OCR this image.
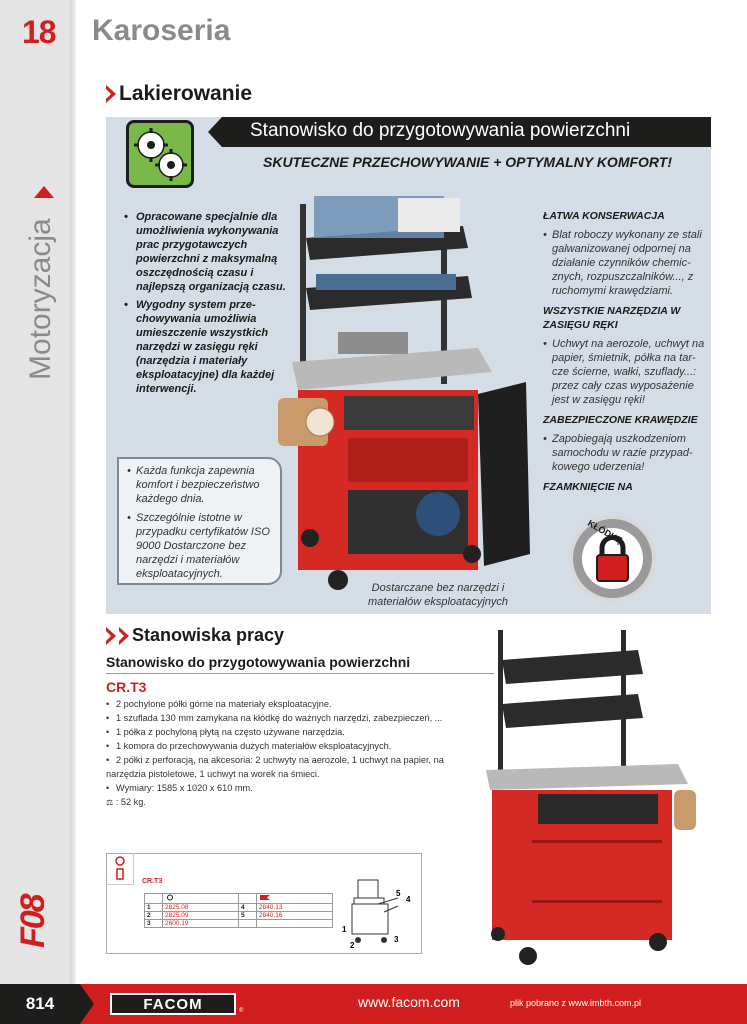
18 Karoseria
Motoryzacja
F08
Lakierowanie
Stanowisko do przygotowywania powierzchni
SKUTECZNE PRZECHOWYWANIE + OPTYMALNY KOMFORT!
• Opracowane specjalnie dla umożliwienia wykonywania prac przygotawczych powierzchni z maksymalną oszczędnością czasu i najlepszą organizacją czasu.
• Wygodny system prze- chowywania umożliwia umieszczenie wszystkich narzędzi w zasięgu ręki (narzędzia i materiały eksploatacyjne) dla każdej interwencji.
• Każda funkcja zapewnia komfort i bezpieczeństwo każdego dnia.
• Szczególnie istotne w przypadku certyfikatów ISO 9000 Dostarczone bez narzędzi i materiałów eksploatacyjnych.
ŁATWA KONSERWACJA

• Blat roboczy wykonany ze stali galwanizowanej odpornej na działanie czynników chemic- znych, rozpuszczalników..., z ruchomymi krawędziami.

WSZYSTKIE NARZĘDZIA W ZASIĘGU RĘKI

• Uchwyt na aerozole, uchwyt na papier, śmietnik, półka na tar- cze ścierne, wałki, szuflady...: przez cały czas wyposażenie jest w zasięgu ręki!

ZABEZPIECZONE KRAWĘDZIE

• Zapobiegają uszkodzeniom samochodu w razie przypad- kowego uderzenia!

FZAMKNIĘCIE NA
KŁÓDKĘ
Dostarczane bez narzędzi i materiałów eksploatacyjnych
Stanowiska pracy
Stanowisko do przygotowywania powierzchni
CR.T3
• 2 pochylone półki górne na materiały eksploatacyjne.
• 1 szuflada 130 mm zamykana na kłódkę do ważnych narzędzi, zabezpieczeń, ...
• 1 półka z pochyloną płytą na często używane narzędzia.
• 1 komora do przechowywania dużych materiałów eksploatacyjnych.
• 2 półki z perforacją, na akcesoria: 2 uchwyty na aerozole, 1 uchwyt na papier, na
narzędzia pistoletowe, 1 uchwyt na worek na śmieci.
• Wymiary: 1585 x 1020 x 610 mm.
⚖ : 52 kg.
CR.T3

1	2825.08	4	2840.13
2	2825.09	5	2840.16
3	2600.19		
1
2
3
4
5
814	FACOM	®
www.facom.com	plik pobrano z www.imbth.com.pl
